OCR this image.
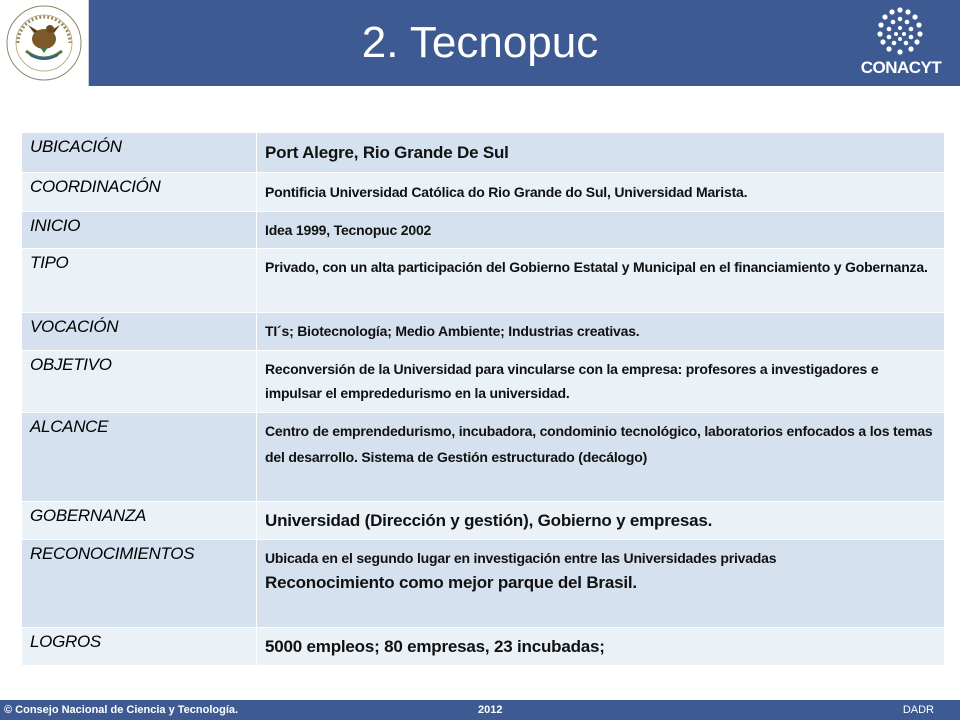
2. Tecnopuc
CONACYT
UBICACIÓN	Port Alegre, Rio Grande De Sul

COORDINACIÓN	Pontificia Universidad Católica do Rio Grande do Sul, Universidad Marista.

INICIO	Idea 1999, Tecnopuc 2002

TIPO	Privado, con un alta participación del Gobierno Estatal y Municipal en el financiamiento y Gobernanza.

VOCACIÓN	TI´s; Biotecnología; Medio Ambiente; Industrias creativas.

OBJETIVO	Reconversión de la Universidad para vincularse con la empresa: profesores a investigadores e impulsar el emprededurismo en la universidad.

ALCANCE	Centro de emprendedurismo, incubadora, condominio tecnológico, laboratorios enfocados a los temas del desarrollo. Sistema de Gestión estructurado (decálogo)

GOBERNANZA	Universidad (Dirección y gestión), Gobierno y empresas.

RECONOCIMIENTOS	Ubicada en el segundo lugar en investigación entre las Universidades privadas
Reconocimiento como mejor parque del Brasil.

LOGROS	5000 empleos; 80 empresas, 23 incubadas;
© Consejo Nacional de Ciencia y Tecnología.	2012	DADR
